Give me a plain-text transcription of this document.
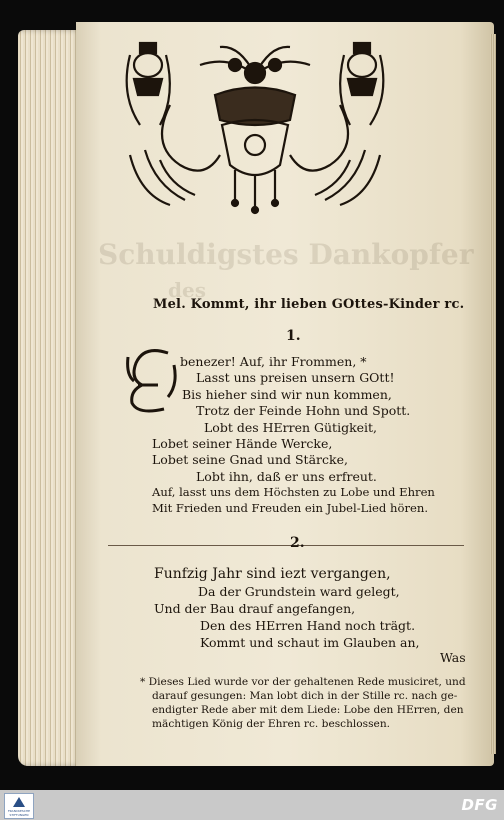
Schuldigstes Dankopfer
des
Mel. Kommt, ihr lieben GOttes-Kinder rc.
1.
benezer! Auf, ihr Frommen, *
Lasst uns preisen unsern GOtt!
Bis hieher sind wir nun kommen,
Trotz der Feinde Hohn und Spott.
Lobt des HErren Gütigkeit,
Lobet seiner Hände Wercke,
Lobet seine Gnad und Stärcke,
Lobt ihn, daß er uns erfreut.
Auf, lasst uns dem Höchsten zu Lobe und Ehren
Mit Frieden und Freuden ein Jubel-Lied hören.
2.
Funfzig Jahr sind iezt vergangen,
Da der Grundstein ward gelegt,
Und der Bau drauf angefangen,
Den des HErren Hand noch trägt.
Kommt und schaut im Glauben an,
Was
* Dieses Lied wurde vor der gehaltenen Rede musiciret, und
darauf gesungen: Man lobt dich in der Stille rc. nach ge-
endigter Rede aber mit dem Liede: Lobe den HErren, den
mächtigen König der Ehren rc. beschlossen.
FRANCKESCHE STIFTUNGEN
DFG
